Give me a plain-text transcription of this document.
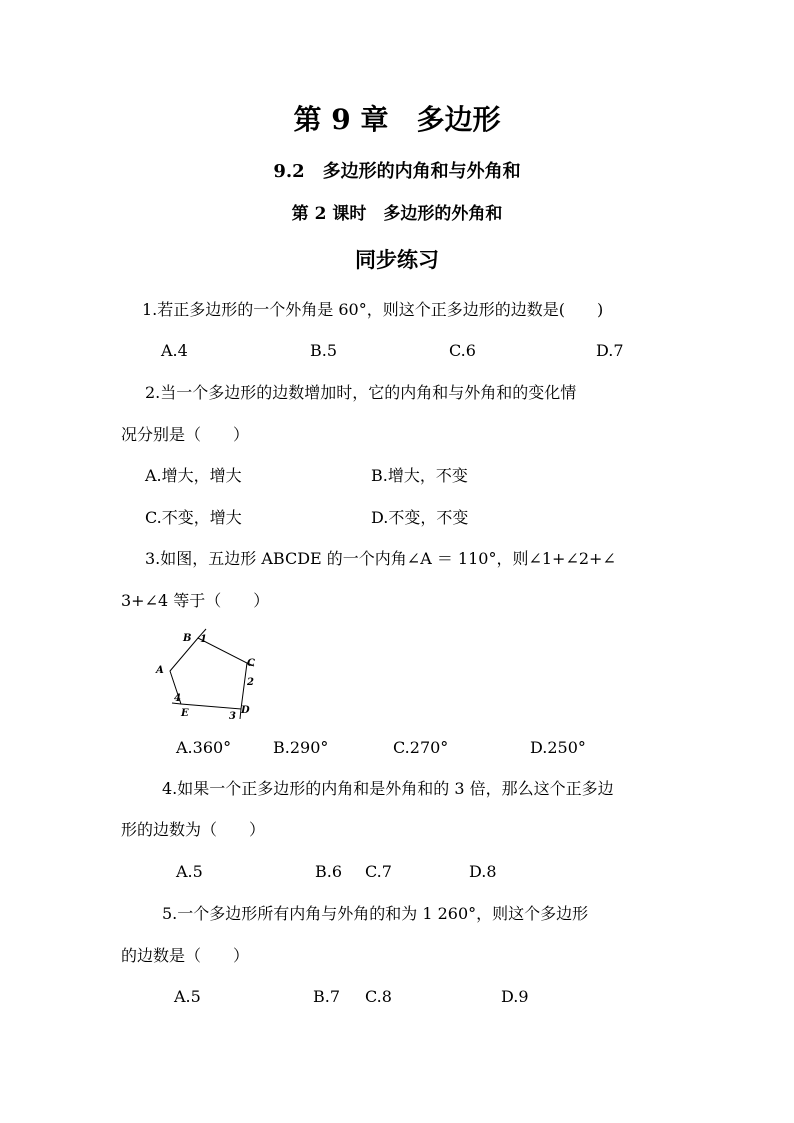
第 9 章　多边形
9.2　多边形的内角和与外角和
第 2 课时　多边形的外角和
同步练习
1.若正多边形的一个外角是 60°，则这个正多边形的边数是(　　)
A.4	B.5	C.6	D.7
2.当一个多边形的边数增加时，它的内角和与外角和的变化情
况分别是（　　）
A.增大，增大	B.增大，不变
C.不变，增大	D.不变，不变
3.如图，五边形 ABCDE 的一个内角∠A ＝ 110°，则∠1+∠2+∠
3+∠4 等于（　　）
A
B
C
D
E
1
2
3
4
A.360°	B.290°	C.270°	D.250°
4.如果一个正多边形的内角和是外角和的 3 倍，那么这个正多边
形的边数为（　　）
A.5	B.6 C.7	D.8
5.一个多边形所有内角与外角的和为 1 260°，则这个多边形
的边数是（　　）
A.5	B.7 C.8	D.9
